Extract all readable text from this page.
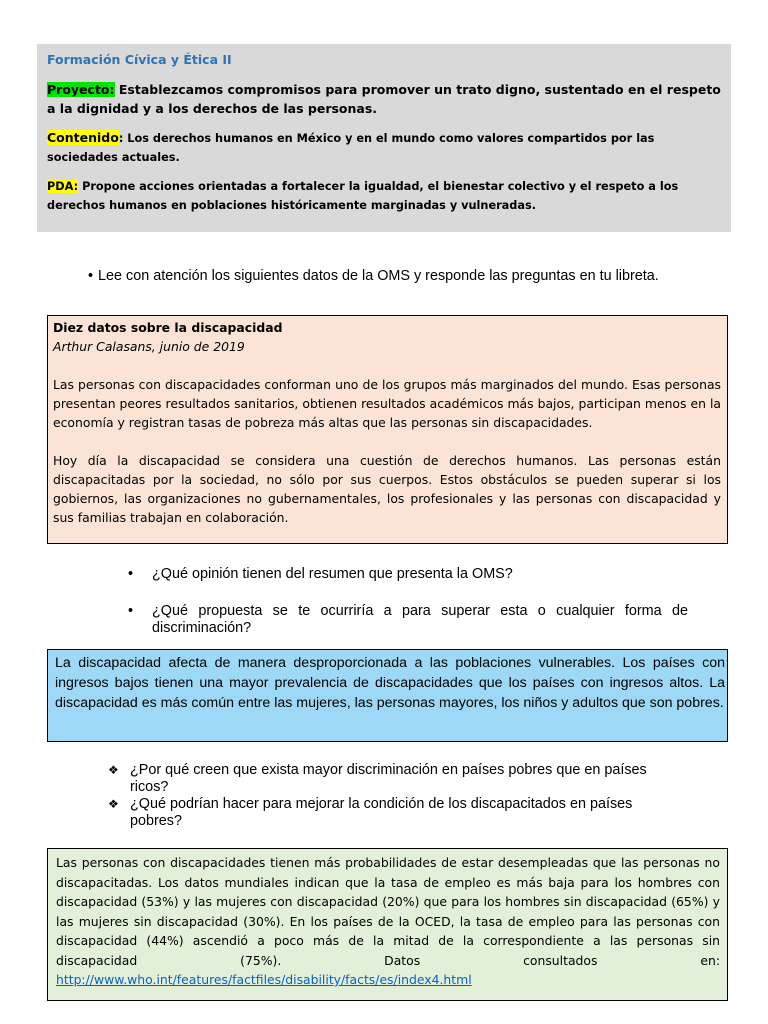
Formación Cívica y Ética II

Proyecto: Establezcamos compromisos para promover un trato digno, sustentado en el respeto a la dignidad y a los derechos de las personas.

Contenido: Los derechos humanos en México y en el mundo como valores compartidos por las sociedades actuales.

PDA: Propone acciones orientadas a fortalecer la igualdad, el bienestar colectivo y el respeto a los derechos humanos en poblaciones históricamente marginadas y vulneradas.

• Lee con atención los siguientes datos de la OMS y responde las preguntas en tu libreta.

Diez datos sobre la discapacidad

Arthur Calasans, junio de 2019

Las personas con discapacidades conforman uno de los grupos más marginados del mundo. Esas personas presentan peores resultados sanitarios, obtienen resultados académicos más bajos, participan menos en la economía y registran tasas de pobreza más altas que las personas sin discapacidades.

Hoy día la discapacidad se considera una cuestión de derechos humanos. Las personas están discapacitadas por la sociedad, no sólo por sus cuerpos. Estos obstáculos se pueden superar si los gobiernos, las organizaciones no gubernamentales, los profesionales y las personas con discapacidad y sus familias trabajan en colaboración.

• ¿Qué opinión tienen del resumen que presenta la OMS?
• ¿Qué propuesta se te ocurriría a para superar esta o cualquier forma de discriminación?

La discapacidad afecta de manera desproporcionada a las poblaciones vulnerables. Los países con ingresos bajos tienen una mayor prevalencia de discapacidades que los países con ingresos altos. La discapacidad es más común entre las mujeres, las personas mayores, los niños y adultos que son pobres.

❖ ¿Por qué creen que exista mayor discriminación en países pobres que en países ricos?
❖ ¿Qué podrían hacer para mejorar la condición de los discapacitados en países pobres?

Las personas con discapacidades tienen más probabilidades de estar desempleadas que las personas no discapacitadas. Los datos mundiales indican que la tasa de empleo es más baja para los hombres con discapacidad (53%) y las mujeres con discapacidad (20%) que para los hombres sin discapacidad (65%) y las mujeres sin discapacidad (30%). En los países de la OCED, la tasa de empleo para las personas con discapacidad (44%) ascendió a poco más de la mitad de la correspondiente a las personas sin discapacidad (75%). Datos consultados en:

http://www.who.int/features/factfiles/disability/facts/es/index4.html
